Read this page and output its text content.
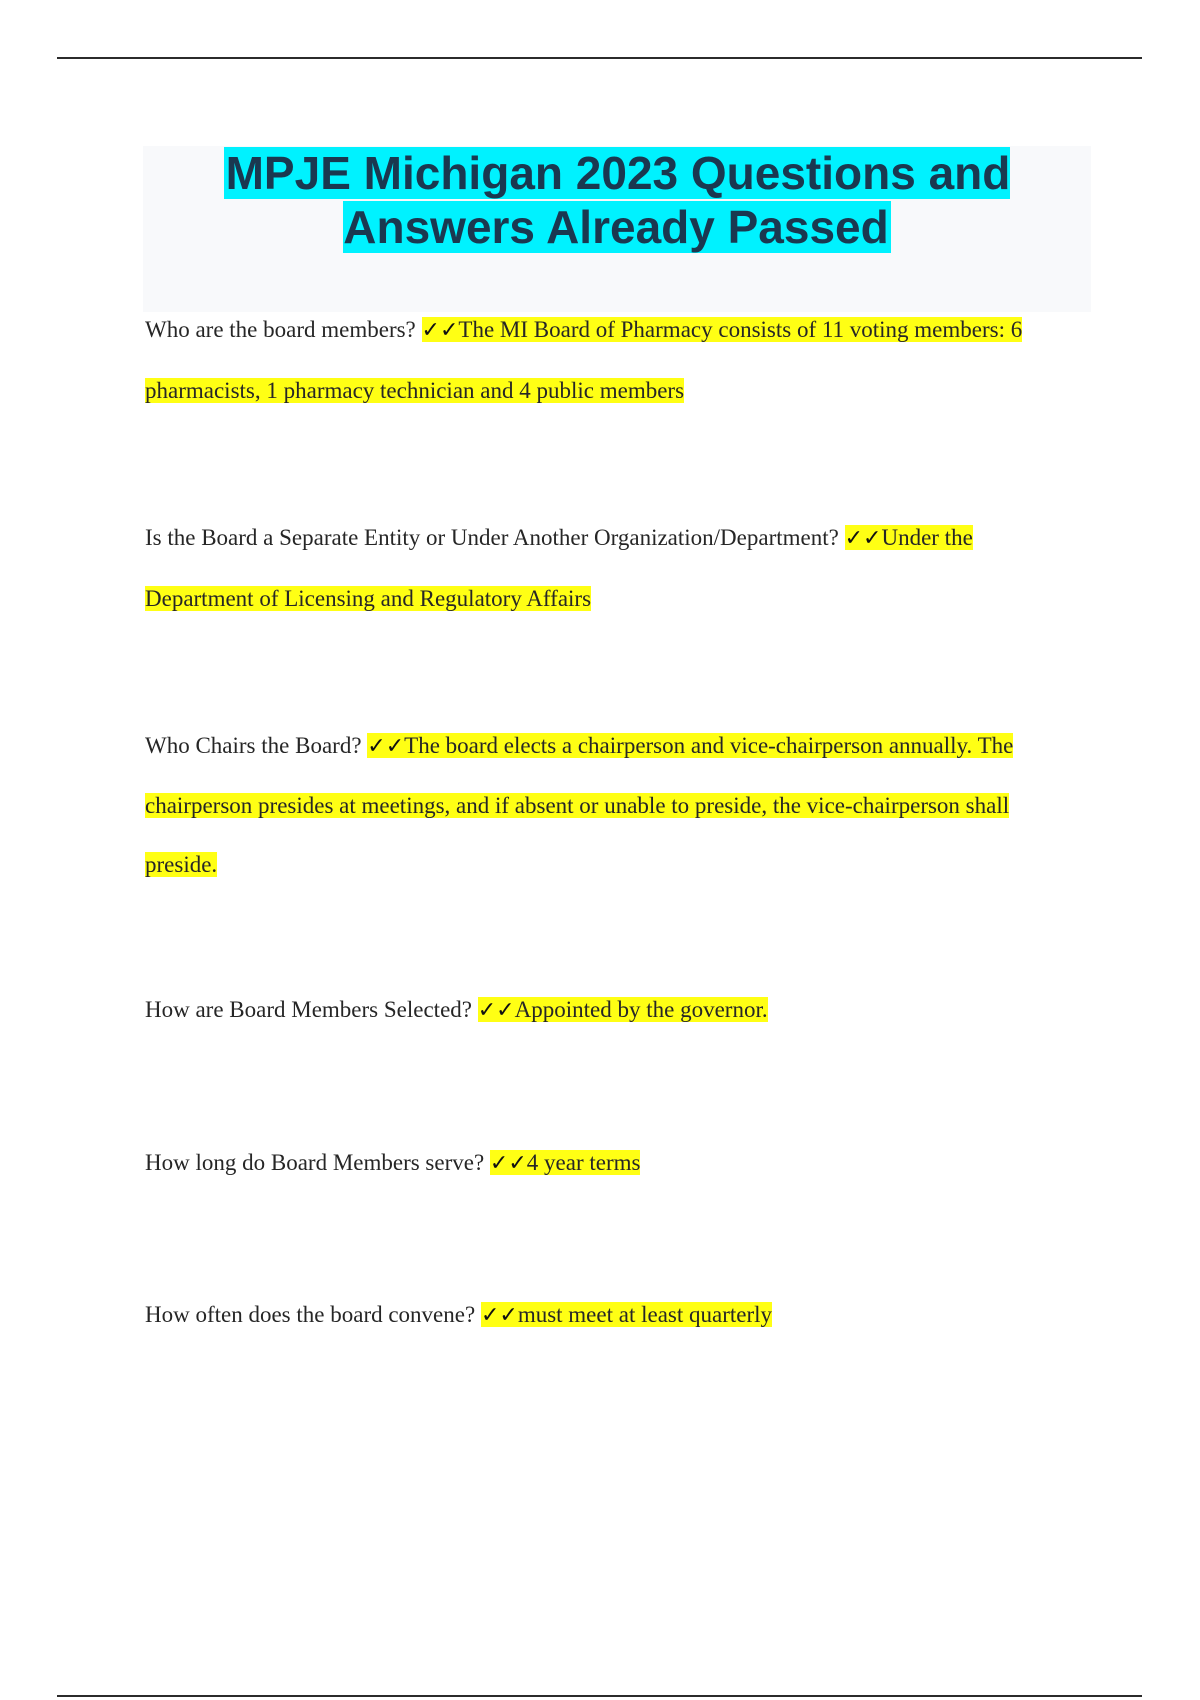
MPJE Michigan 2023 Questions and Answers Already Passed
Who are the board members? ✓✓The MI Board of Pharmacy consists of 11 voting members: 6 pharmacists, 1 pharmacy technician and 4 public members
Is the Board a Separate Entity or Under Another Organization/Department? ✓✓Under the Department of Licensing and Regulatory Affairs
Who Chairs the Board? ✓✓The board elects a chairperson and vice-chairperson annually. The chairperson presides at meetings, and if absent or unable to preside, the vice-chairperson shall preside.
How are Board Members Selected? ✓✓Appointed by the governor.
How long do Board Members serve? ✓✓4 year terms
How often does the board convene? ✓✓must meet at least quarterly
